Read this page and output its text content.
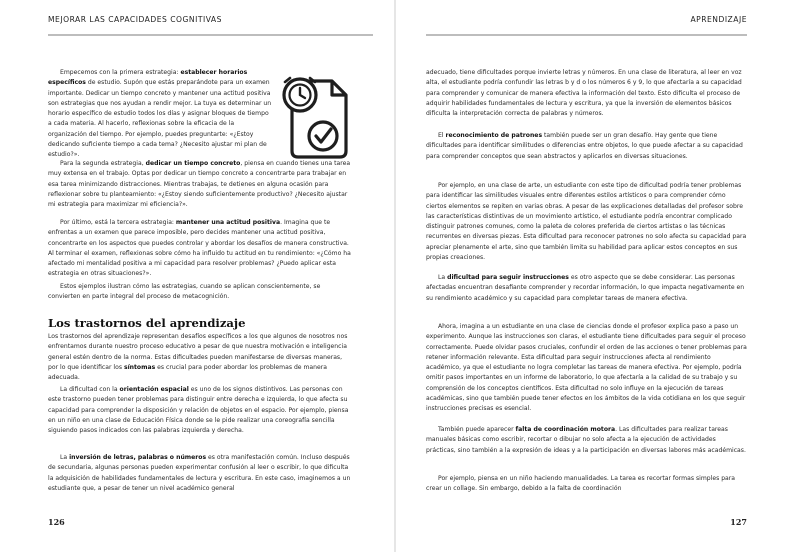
MEJORAR LAS CAPACIDADES COGNITIVAS
Empecemos con la primera estrategia: establecer horarios específicos de estudio. Supón que estás preparándote para un examen importante. Dedicar un tiempo concreto y mantener una actitud positiva son estrategias que nos ayudan a rendir mejor. La tuya es determinar un horario específico de estudio todos los días y asignar bloques de tiempo a cada materia. Al hacerlo, reflexionas sobre la eficacia de la organización del tiempo. Por ejemplo, puedes preguntarte: «¿Estoy dedicando suficiente tiempo a cada tema? ¿Necesito ajustar mi plan de estudio?».
Para la segunda estrategia, dedicar un tiempo concreto, piensa en cuando tienes una tarea muy extensa en el trabajo. Optas por dedicar un tiempo concreto a concentrarte para trabajar en esa tarea minimizando distracciones. Mientras trabajas, te detienes en alguna ocasión para reflexionar sobre tu planteamiento: «¿Estoy siendo suficientemente productivo? ¿Necesito ajustar mi estrategia para maximizar mi eficiencia?».
Por último, está la tercera estrategia: mantener una actitud positiva. Imagina que te enfrentas a un examen que parece imposible, pero decides mantener una actitud positiva, concentrarte en los aspectos que puedes controlar y abordar los desafíos de manera constructiva. Al terminar el examen, reflexionas sobre cómo ha influido tu actitud en tu rendimiento: «¿Cómo ha afectado mi mentalidad positiva a mi capacidad para resolver problemas? ¿Puedo aplicar esta estrategia en otras situaciones?».
Estos ejemplos ilustran cómo las estrategias, cuando se aplican conscientemente, se convierten en parte integral del proceso de metacognición.
Los trastornos del aprendizaje
Los trastornos del aprendizaje representan desafíos específicos a los que algunos de nosotros nos enfrentamos durante nuestro proceso educativo a pesar de que nuestra motivación e inteligencia general estén dentro de la norma. Estas dificultades pueden manifestarse de diversas maneras, por lo que identificar los síntomas es crucial para poder abordar los problemas de manera adecuada.
La dificultad con la orientación espacial es uno de los signos distintivos. Las personas con este trastorno pueden tener problemas para distinguir entre derecha e izquierda, lo que afecta su capacidad para comprender la disposición y relación de objetos en el espacio. Por ejemplo, piensa en un niño en una clase de Educación Física donde se le pide realizar una coreografía sencilla siguiendo pasos indicados con las palabras izquierda y derecha.
La inversión de letras, palabras o números es otra manifestación común. Incluso después de secundaria, algunas personas pueden experimentar confusión al leer o escribir, lo que dificulta la adquisición de habilidades fundamentales de lectura y escritura. En este caso, imaginemos a un estudiante que, a pesar de tener un nivel académico general
126
APRENDIZAJE
adecuado, tiene dificultades porque invierte letras y números. En una clase de literatura, al leer en voz alta, el estudiante podría confundir las letras b y d o los números 6 y 9, lo que afectaría a su capacidad para comprender y comunicar de manera efectiva la información del texto. Esto dificulta el proceso de adquirir habilidades fundamentales de lectura y escritura, ya que la inversión de elementos básicos dificulta la interpretación correcta de palabras y números.
El reconocimiento de patrones también puede ser un gran desafío. Hay gente que tiene dificultades para identificar similitudes o diferencias entre objetos, lo que puede afectar a su capacidad para comprender conceptos que sean abstractos y aplicarlos en diversas situaciones.
Por ejemplo, en una clase de arte, un estudiante con este tipo de dificultad podría tener problemas para identificar las similitudes visuales entre diferentes estilos artísticos o para comprender cómo ciertos elementos se repiten en varias obras. A pesar de las explicaciones detalladas del profesor sobre las características distintivas de un movimiento artístico, el estudiante podría encontrar complicado distinguir patrones comunes, como la paleta de colores preferida de ciertos artistas o las técnicas recurrentes en diversas piezas. Esta dificultad para reconocer patrones no solo afecta su capacidad para apreciar plenamente el arte, sino que también limita su habilidad para aplicar estos conceptos en sus propias creaciones.
La dificultad para seguir instrucciones es otro aspecto que se debe considerar. Las personas afectadas encuentran desafiante comprender y recordar información, lo que impacta negativamente en su rendimiento académico y su capacidad para completar tareas de manera efectiva.
Ahora, imagina a un estudiante en una clase de ciencias donde el profesor explica paso a paso un experimento. Aunque las instrucciones son claras, el estudiante tiene dificultades para seguir el proceso correctamente. Puede olvidar pasos cruciales, confundir el orden de las acciones o tener problemas para retener información relevante. Esta dificultad para seguir instrucciones afecta al rendimiento académico, ya que el estudiante no logra completar las tareas de manera efectiva. Por ejemplo, podría omitir pasos importantes en un informe de laboratorio, lo que afectaría a la calidad de su trabajo y su comprensión de los conceptos científicos. Esta dificultad no solo influye en la ejecución de tareas académicas, sino que también puede tener efectos en los ámbitos de la vida cotidiana en los que seguir instrucciones precisas es esencial.
También puede aparecer falta de coordinación motora. Las dificultades para realizar tareas manuales básicas como escribir, recortar o dibujar no solo afecta a la ejecución de actividades prácticas, sino también a la expresión de ideas y a la participación en diversas labores más académicas.
Por ejemplo, piensa en un niño haciendo manualidades. La tarea es recortar formas simples para crear un collage. Sin embargo, debido a la falta de coordinación
127
